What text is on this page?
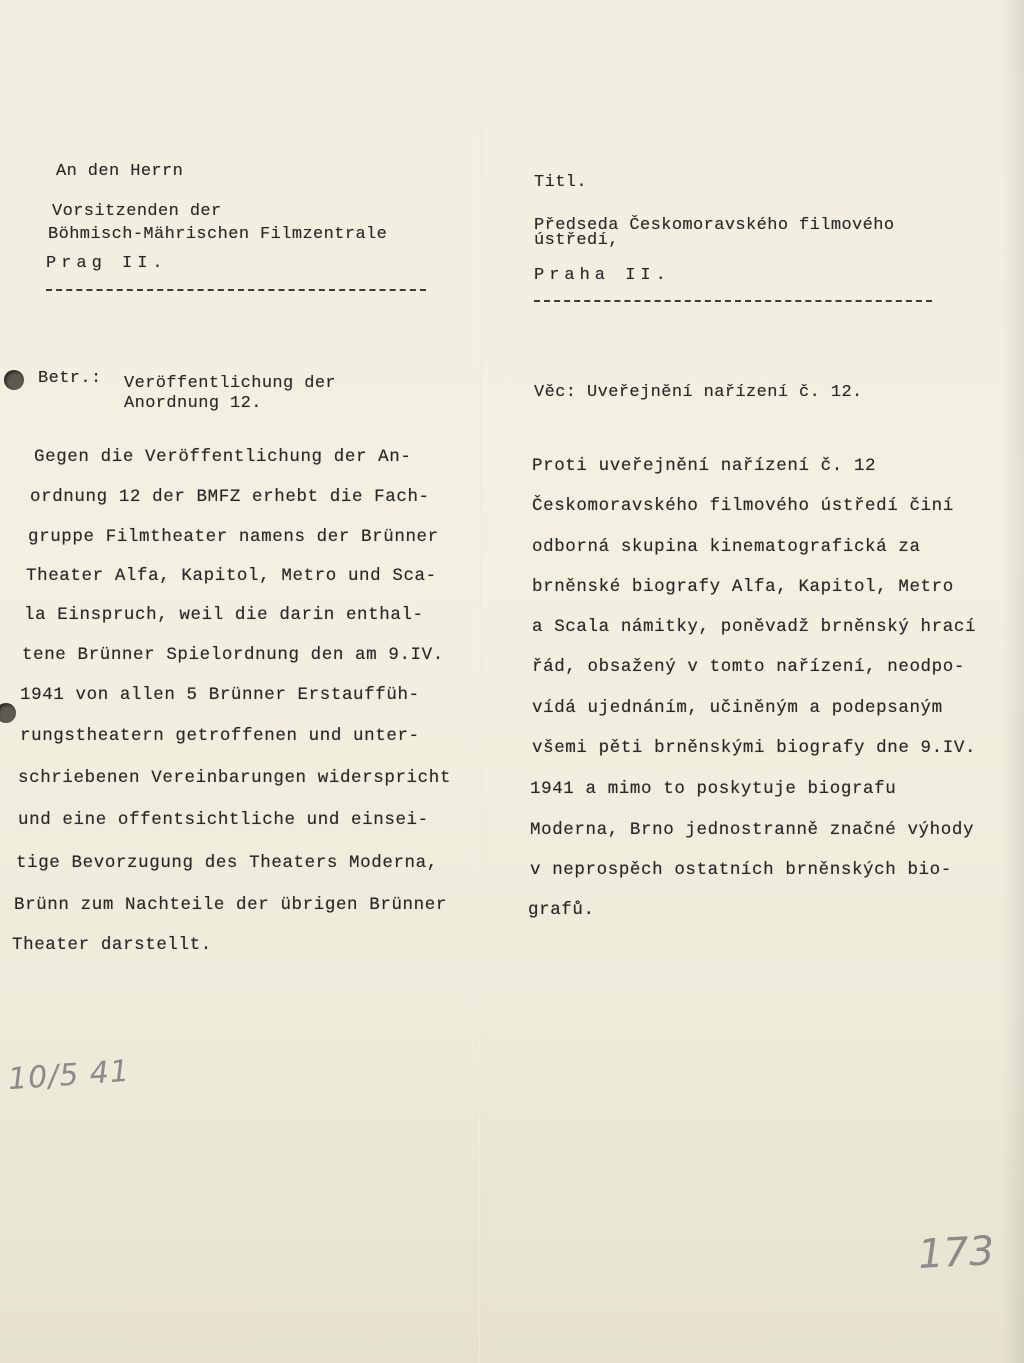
An den Herrn
Vorsitzenden der
Böhmisch-Mährischen Filmzentrale
Prag II.
Titl.
Předseda Českomoravského filmového
ústředí,
Praha II.
Betr.: Veröffentlichung der
Anordnung 12.
Věc: Uveřejnění nařízení č. 12.
Gegen die Veröffentlichung der An-
ordnung 12 der BMFZ erhebt die Fach-
gruppe Filmtheater namens der Brünner
Theater Alfa, Kapitol, Metro und Sca-
la Einspruch, weil die darin enthal-
tene Brünner Spielordnung den am 9.IV.
1941 von allen 5 Brünner Erstauffüh-
rungstheatern getroffenen und unter-
schriebenen Vereinbarungen widerspricht
und eine offentsichtliche und einsei-
tige Bevorzugung des Theaters Moderna,
Brünn zum Nachteile der übrigen Brünner
Theater darstellt.
Proti uveřejnění nařízení č. 12
Českomoravského filmového ústředí činí
odborná skupina kinematografická za
brněnské biografy Alfa, Kapitol, Metro
a Scala námitky, poněvadž brněnský hrací
řád, obsažený v tomto nařízení, neodpo-
vídá ujednáním, učiněným a podepsaným
všemi pěti brněnskými biografy dne 9.IV.
1941 a mimo to poskytuje biografu
Moderna, Brno jednostranně značné výhody
v neprospěch ostatních brněnských bio-
grafů.
10/5 41
173
